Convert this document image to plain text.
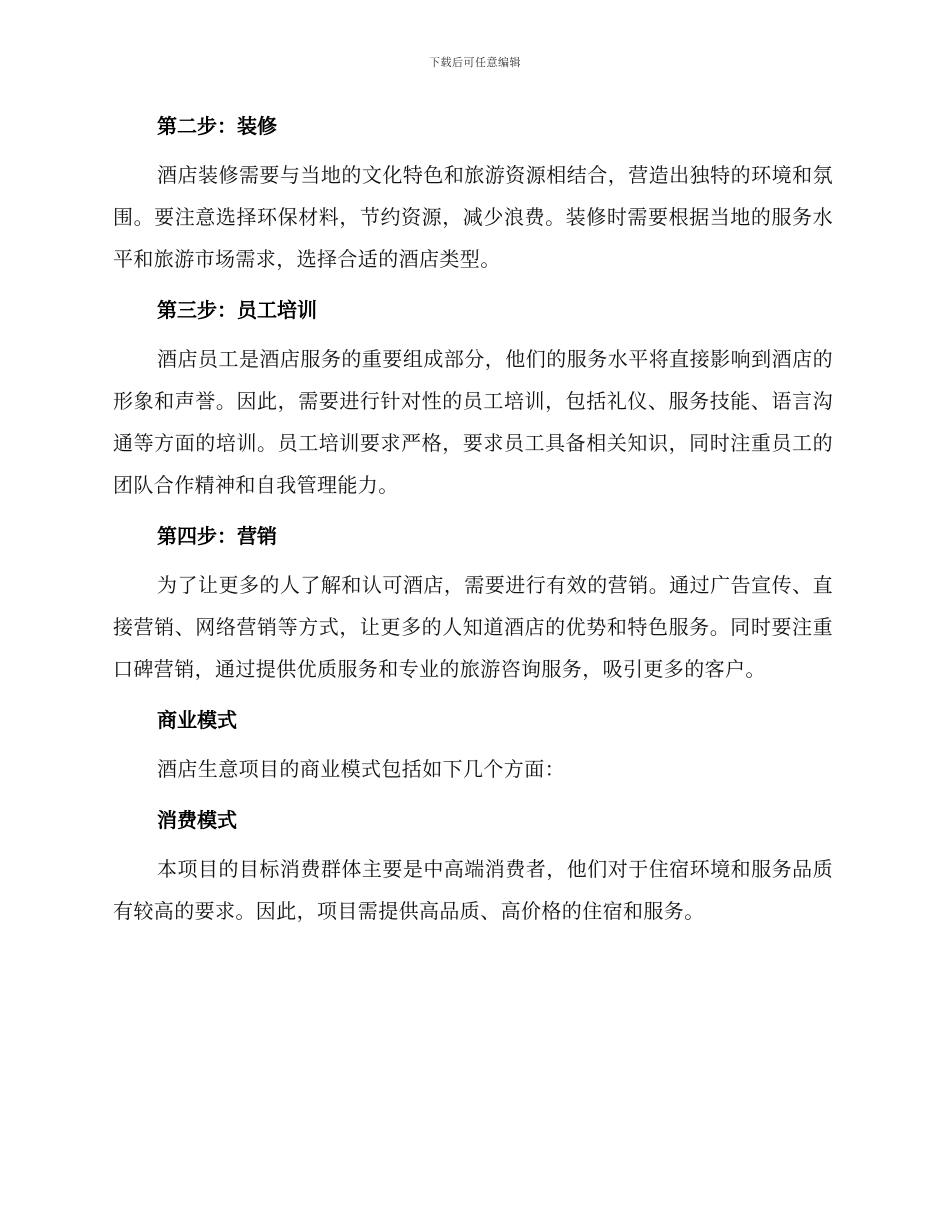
下载后可任意编辑

第二步：装修

酒店装修需要与当地的文化特色和旅游资源相结合，营造出独特的环境和氛围。要注意选择环保材料，节约资源，减少浪费。装修时需要根据当地的服务水平和旅游市场需求，选择合适的酒店类型。

第三步：员工培训

酒店员工是酒店服务的重要组成部分，他们的服务水平将直接影响到酒店的形象和声誉。因此，需要进行针对性的员工培训，包括礼仪、服务技能、语言沟通等方面的培训。员工培训要求严格，要求员工具备相关知识，同时注重员工的团队合作精神和自我管理能力。

第四步：营销

为了让更多的人了解和认可酒店，需要进行有效的营销。通过广告宣传、直接营销、网络营销等方式，让更多的人知道酒店的优势和特色服务。同时要注重口碑营销，通过提供优质服务和专业的旅游咨询服务，吸引更多的客户。

商业模式

酒店生意项目的商业模式包括如下几个方面：

消费模式

本项目的目标消费群体主要是中高端消费者，他们对于住宿环境和服务品质有较高的要求。因此，项目需提供高品质、高价格的住宿和服务。
